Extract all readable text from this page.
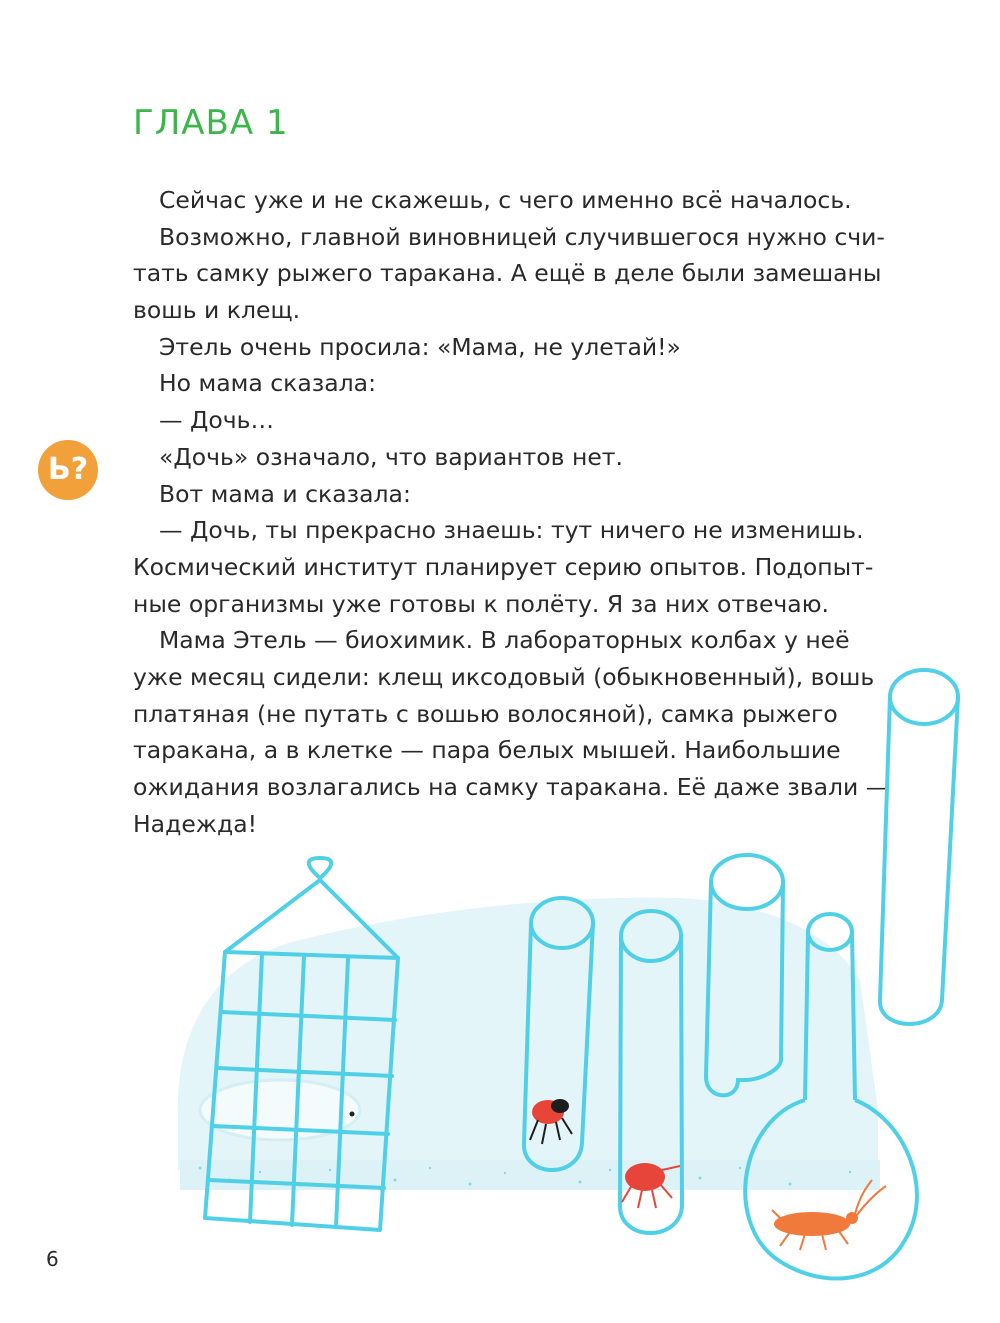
ГЛАВА 1
Сейчас уже и не скажешь, с чего именно всё началось.
Возможно, главной виновницей случившегося нужно счи-
тать самку рыжего таракана. А ещё в деле были замешаны
вошь и клещ.
Этель очень просила: «Мама, не улетай!»
Но мама сказала:
— Дочь…
«Дочь» означало, что вариантов нет.
Вот мама и сказала:
— Дочь, ты прекрасно знаешь: тут ничего не изменишь.
Космический институт планирует серию опытов. Подопыт-
ные организмы уже готовы к полёту. Я за них отвечаю.
Мама Этель — биохимик. В лабораторных колбах у неё
уже месяц сидели: клещ иксодовый (обыкновенный), вошь
платяная (не путать с вошью волосяной), самка рыжего
таракана, а в клетке — пара белых мышей. Наибольшие
ожидания возлагались на самку таракана. Её даже звали —
Надежда!
Ь?
6
